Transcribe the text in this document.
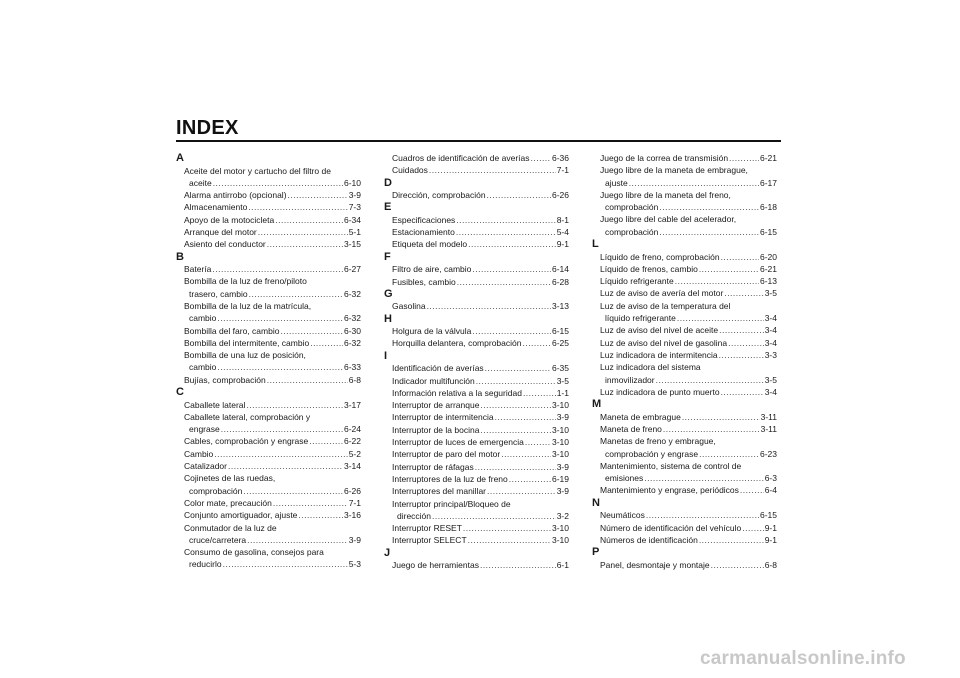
INDEX
A
Aceite del motor y cartucho del filtro de
aceite .....	6-10
Alarma antirrobo (opcional) .....	3-9
Almacenamiento .....	7-3
Apoyo de la motocicleta .....	6-34
Arranque del motor .....	5-1
Asiento del conductor .....	3-15
B
Batería .....	6-27
Bombilla de la luz de freno/piloto
trasero, cambio .....	6-32
Bombilla de la luz de la matrícula,
cambio .....	6-32
Bombilla del faro, cambio .....	6-30
Bombilla del intermitente, cambio .....	6-32
Bombilla de una luz de posición,
cambio .....	6-33
Bujías, comprobación .....	6-8
C
Caballete lateral .....	3-17
Caballete lateral, comprobación y
engrase .....	6-24
Cables, comprobación y engrase .....	6-22
Cambio .....	5-2
Catalizador .....	3-14
Cojinetes de las ruedas,
comprobación .....	6-26
Color mate, precaución .....	7-1
Conjunto amortiguador, ajuste .....	3-16
Conmutador de la luz de
cruce/carretera .....	3-9
Consumo de gasolina, consejos para
reducirlo .....	5-3
Cuadros de identificación de averías .....	6-36
Cuidados .....	7-1
D
Dirección, comprobación .....	6-26
E
Especificaciones .....	8-1
Estacionamiento .....	5-4
Etiqueta del modelo .....	9-1
F
Filtro de aire, cambio .....	6-14
Fusibles, cambio .....	6-28
G
Gasolina .....	3-13
H
Holgura de la válvula .....	6-15
Horquilla delantera, comprobación .....	6-25
I
Identificación de averías .....	6-35
Indicador multifunción .....	3-5
Información relativa a la seguridad .....	1-1
Interruptor de arranque .....	3-10
Interruptor de intermitencia .....	3-9
Interruptor de la bocina .....	3-10
Interruptor de luces de emergencia .....	3-10
Interruptor de paro del motor .....	3-10
Interruptor de ráfagas .....	3-9
Interruptores de la luz de freno .....	6-19
Interruptores del manillar .....	3-9
Interruptor principal/Bloqueo de
dirección .....	3-2
Interruptor RESET .....	3-10
Interruptor SELECT .....	3-10
J
Juego de herramientas .....	6-1
Juego de la correa de transmisión .....	6-21
Juego libre de la maneta de embrague,
ajuste .....	6-17
Juego libre de la maneta del freno,
comprobación .....	6-18
Juego libre del cable del acelerador,
comprobación .....	6-15
L
Líquido de freno, comprobación .....	6-20
Líquido de frenos, cambio .....	6-21
Líquido refrigerante .....	6-13
Luz de aviso de avería del motor .....	3-5
Luz de aviso de la temperatura del
líquido refrigerante .....	3-4
Luz de aviso del nivel de aceite .....	3-4
Luz de aviso del nivel de gasolina .....	3-4
Luz indicadora de intermitencia .....	3-3
Luz indicadora del sistema
inmovilizador .....	3-5
Luz indicadora de punto muerto .....	3-4
M
Maneta de embrague .....	3-11
Maneta de freno .....	3-11
Manetas de freno y embrague,
comprobación y engrase .....	6-23
Mantenimiento, sistema de control de
emisiones .....	6-3
Mantenimiento y engrase, periódicos .....	6-4
N
Neumáticos .....	6-15
Número de identificación del vehículo .....	9-1
Números de identificación .....	9-1
P
Panel, desmontaje y montaje .....	6-8
carmanualsonline.info
